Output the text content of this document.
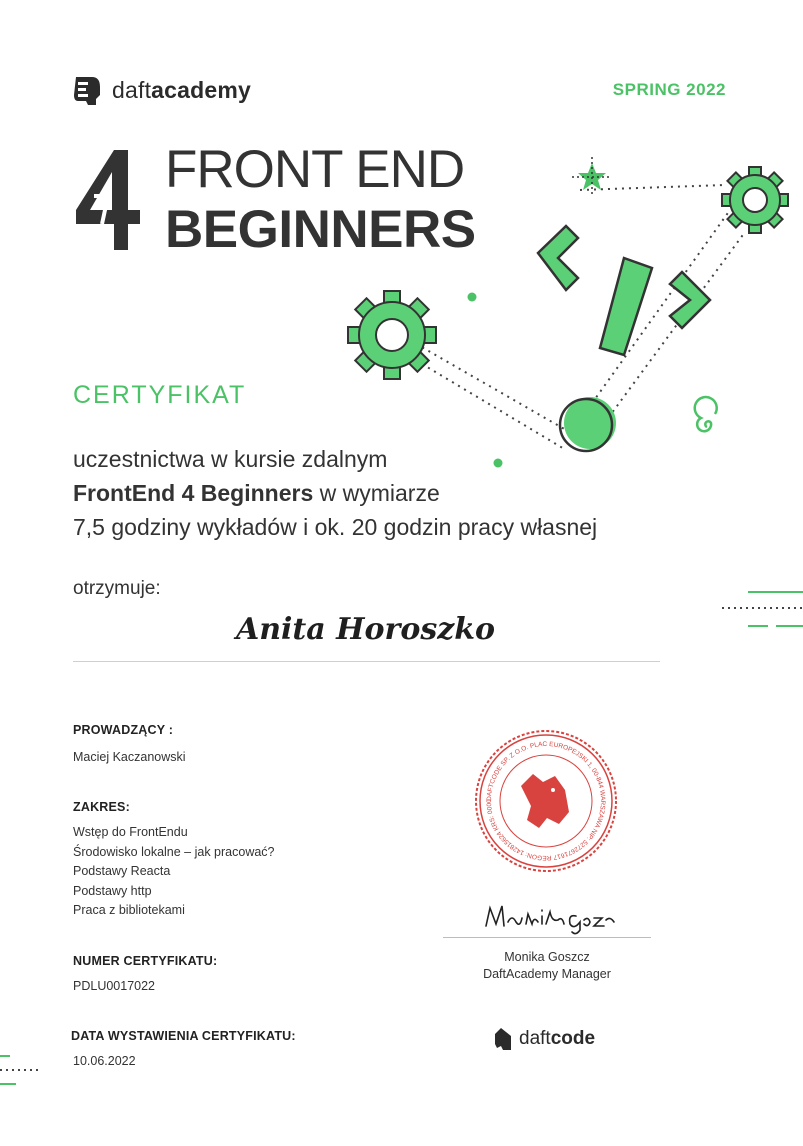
daftacademy	SPRING 2022
FRONT END
BEGINNERS
CERTYFIKAT
uczestnictwa w kursie zdalnym
FrontEnd 4 Beginners w wymiarze
7,5 godziny wykładów i ok. 20 godzin pracy własnej
otrzymuje:
Anita Horoszko
PROWADZĄCY :
Maciej Kaczanowski
ZAKRES:
Wstęp do FrontEndu
Środowisko lokalne – jak pracować?
Podstawy Reacta
Podstawy http
Praca z bibliotekami
NUMER CERTYFIKATU:
PDLU0017022
DATA WYSTAWIENIA CERTYFIKATU:
10.06.2022
DAFTCODE SP. Z O.O. PLAC EUROPEJSKI 1, 00-844 WARSZAWA NIP: 5272671617 REGON: 142815624 KRS: 0000
Monika Goszcz
DaftAcademy Manager
daftcode
